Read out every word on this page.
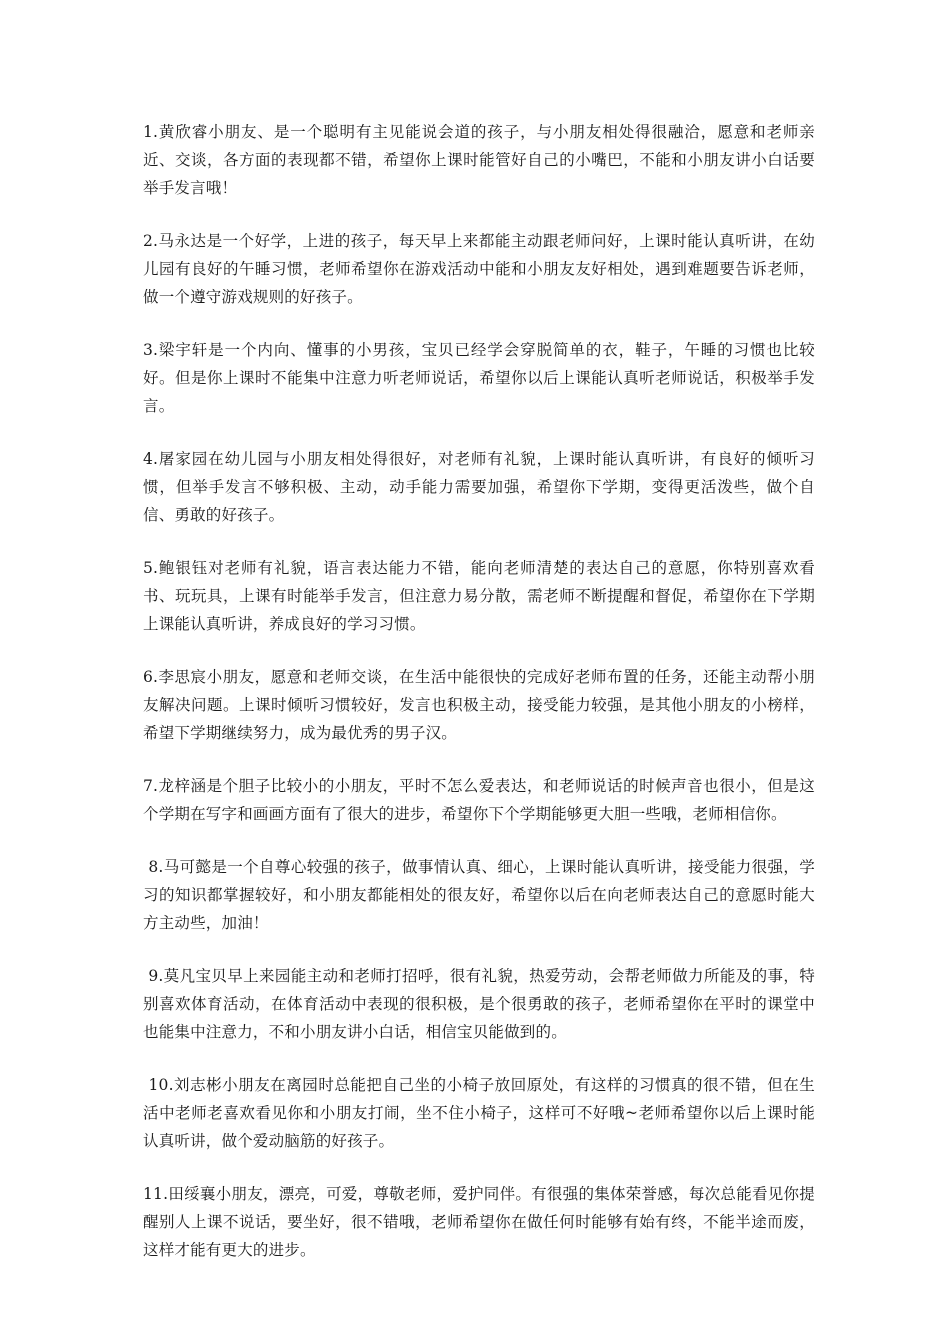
1.黄欣睿小朋友、是一个聪明有主见能说会道的孩子，与小朋友相处得很融洽，愿意和老师亲近、交谈，各方面的表现都不错，希望你上课时能管好自己的小嘴巴，不能和小朋友讲小白话要举手发言哦！

2.马永达是一个好学，上进的孩子，每天早上来都能主动跟老师问好，上课时能认真听讲，在幼儿园有良好的午睡习惯，老师希望你在游戏活动中能和小朋友友好相处，遇到难题要告诉老师，做一个遵守游戏规则的好孩子。

3.梁宇轩是一个内向、懂事的小男孩，宝贝已经学会穿脱简单的衣，鞋子，午睡的习惯也比较好。但是你上课时不能集中注意力听老师说话，希望你以后上课能认真听老师说话，积极举手发言。

4.屠家园在幼儿园与小朋友相处得很好，对老师有礼貌，上课时能认真听讲，有良好的倾听习惯，但举手发言不够积极、主动，动手能力需要加强，希望你下学期，变得更活泼些，做个自信、勇敢的好孩子。

5.鲍银钰对老师有礼貌，语言表达能力不错，能向老师清楚的表达自己的意愿，你特别喜欢看书、玩玩具，上课有时能举手发言，但注意力易分散，需老师不断提醒和督促，希望你在下学期上课能认真听讲，养成良好的学习习惯。

6.李思宸小朋友，愿意和老师交谈，在生活中能很快的完成好老师布置的任务，还能主动帮小朋友解决问题。上课时倾听习惯较好，发言也积极主动，接受能力较强，是其他小朋友的小榜样，希望下学期继续努力，成为最优秀的男子汉。

7.龙梓涵是个胆子比较小的小朋友，平时不怎么爱表达，和老师说话的时候声音也很小，但是这个学期在写字和画画方面有了很大的进步，希望你下个学期能够更大胆一些哦，老师相信你。

8.马可懿是一个自尊心较强的孩子，做事情认真、细心，上课时能认真听讲，接受能力很强，学习的知识都掌握较好，和小朋友都能相处的很友好，希望你以后在向老师表达自己的意愿时能大方主动些，加油！

9.莫凡宝贝早上来园能主动和老师打招呼，很有礼貌，热爱劳动，会帮老师做力所能及的事，特别喜欢体育活动，在体育活动中表现的很积极，是个很勇敢的孩子，老师希望你在平时的课堂中也能集中注意力，不和小朋友讲小白话，相信宝贝能做到的。

10.刘志彬小朋友在离园时总能把自己坐的小椅子放回原处，有这样的习惯真的很不错，但在生活中老师老喜欢看见你和小朋友打闹，坐不住小椅子，这样可不好哦~老师希望你以后上课时能认真听讲，做个爱动脑筋的好孩子。

11.田绥襄小朋友，漂亮，可爱，尊敬老师，爱护同伴。有很强的集体荣誉感，每次总能看见你提醒别人上课不说话，要坐好，很不错哦，老师希望你在做任何时能够有始有终，不能半途而废，这样才能有更大的进步。
